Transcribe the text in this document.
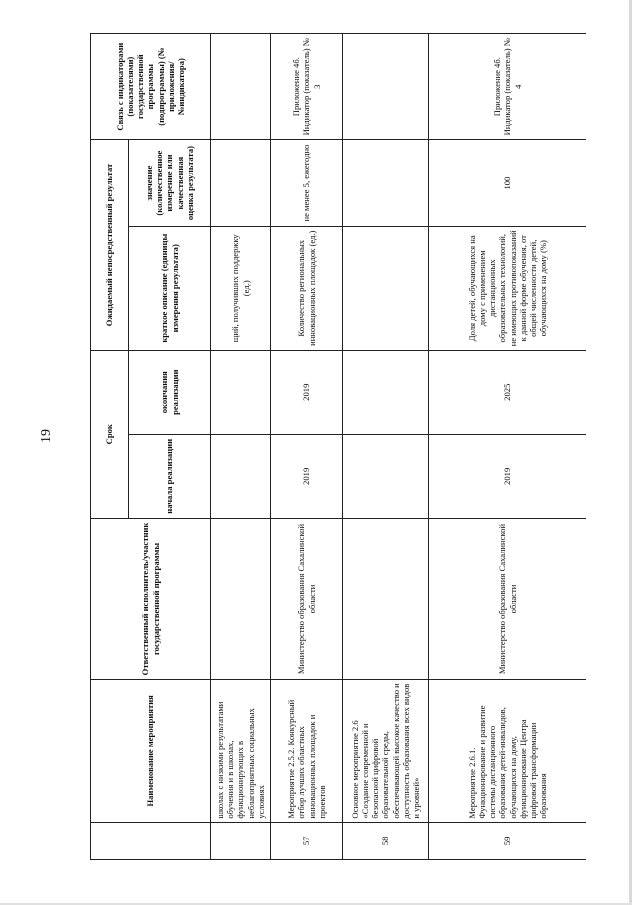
19
	Наименование мероприятия	Ответственный исполнитель/участник государственной программы	Срок		Ожидаемый непосредственный результат		Связь с индикаторами (показателями) государственной программы (подпрограммы) (№ приложения/№индикатора)
			начала реализации	окончания реализации	краткое описание (единицы измерения результата)	значение (количественное измерение или качественная оценка результата)	
	школах с низкими результатами обучения и в школах, функционирующих в неблагоприятных социальных условиях				щий, получивших поддержку (ед.)		
57	Мероприятие 2.5.2. Конкурсный отбор лучших областных инновационных площадок и проектов	Министерство образования Сахалинской области	2019	2019	Количество региональных инновационных площадок (ед.)	не менее 5, ежегодно	Приложение 4б. Индикатор (показатель) № 3
58	Основное мероприятие 2.6 «Создание современной и безопасной цифровой образовательной среды, обеспечивающей высокое качество и доступность образования всех видов и уровней»						
59	Мероприятие 2.6.1. Функционирование и развитие системы дистанционного образования детей-инвалидов, обучающихся на дому, функционирование Центра цифровой трансформации образования	Министерство образования Сахалинской области	2019	2025	Доля детей, обучающихся на дому с применением дистанционных образовательных технологий, не имеющих противопоказаний к данной форме обучения, от общей численности детей, обучающихся на дому (%)	100	Приложение 4б. Индикатор (показатель) № 4
